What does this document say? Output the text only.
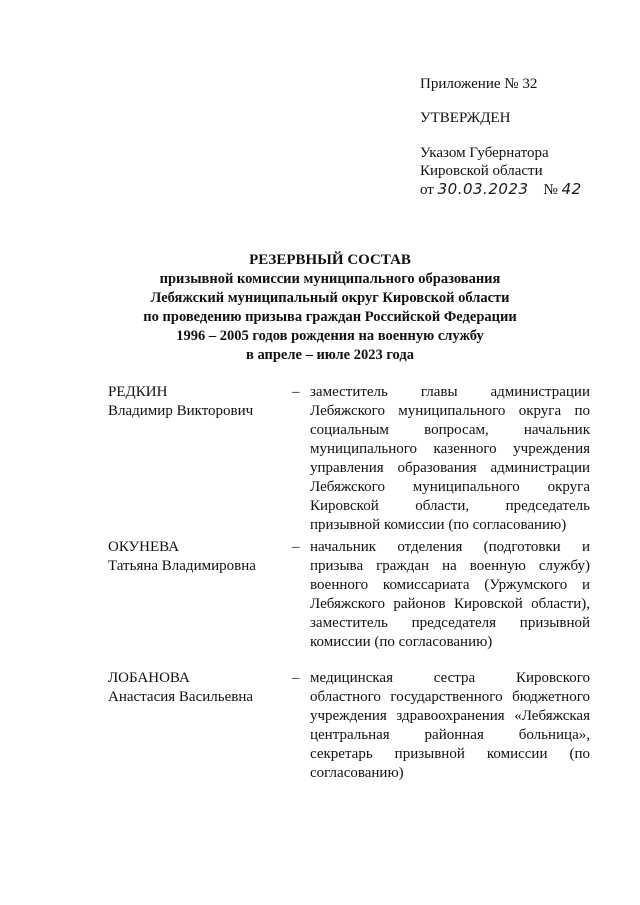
Приложение № 32
УТВЕРЖДЕН
Указом Губернатора
Кировской области
от 30.03.2023 № 42
РЕЗЕРВНЫЙ СОСТАВ
призывной комиссии муниципального образования
Лебяжский муниципальный округ Кировской области
по проведению призыва граждан Российской Федерации
1996 – 2005 годов рождения на военную службу
в апреле – июле 2023 года
РЕДКИН
Владимир Викторович
– заместитель главы администрации Лебяжского муниципального округа по социальным вопросам, начальник муниципального казенного учреждения управления образования администрации Лебяжского муниципального округа Кировской области, председатель призывной комиссии (по согласованию)
ОКУНЕВА
Татьяна Владимировна
– начальник отделения (подготовки и призыва граждан на военную службу) военного комиссариата (Уржумского и Лебяжского районов Кировской области), заместитель председателя призывной комиссии (по согласованию)
ЛОБАНОВА
Анастасия Васильевна
– медицинская сестра Кировского областного государственного бюджетного учреждения здравоохранения «Лебяжская центральная районная больница», секретарь призывной комиссии (по согласованию)
